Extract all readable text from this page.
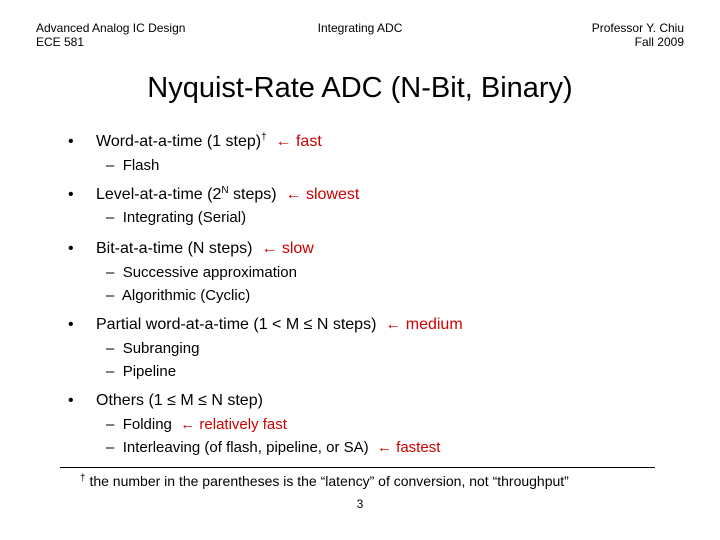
Advanced Analog IC Design
ECE 581
Integrating ADC	Professor Y. Chiu
Fall 2009
Nyquist-Rate ADC (N-Bit, Binary)
• Word-at-a-time (1 step)† ← fast
– Flash
• Level-at-a-time ($2^N$ steps) ← slowest
– Integrating (Serial)
• Bit-at-a-time (N steps) ← slow
– Successive approximation
– Algorithmic (Cyclic)
• Partial word-at-a-time (1 < M ≤ N steps) ← medium
– Subranging
– Pipeline
• Others (1 ≤ M ≤ N step)
– Folding ← relatively fast
– Interleaving (of flash, pipeline, or SA) ← fastest
† the number in the parentheses is the “latency” of conversion, not “throughput”
3
